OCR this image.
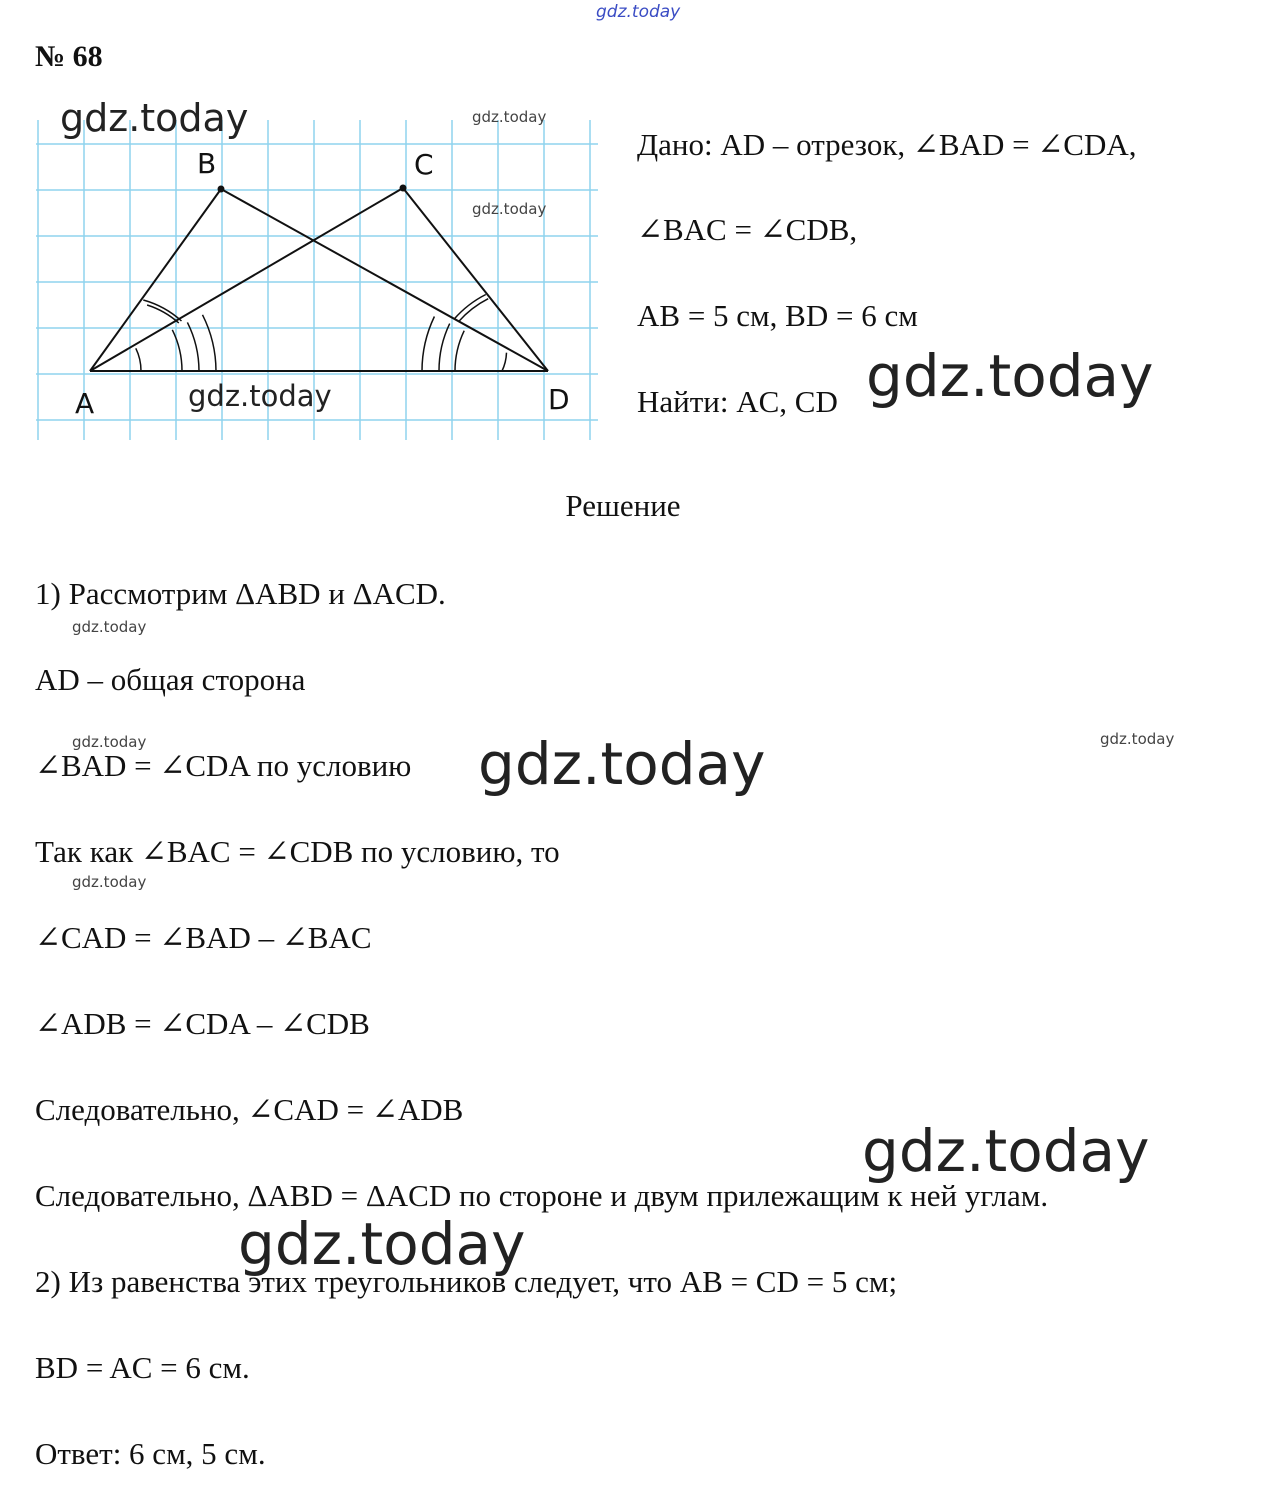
gdz.today
№ 68
A
B	C
D
gdz.today	gdz.today
gdz.today
gdz.today
Дано: AD – отрезок, ∠BAD = ∠CDA,
∠BAC = ∠CDB,
AB = 5 см, BD = 6 см
Найти: AC, CD gdz.today
Решение
1) Рассмотрим ΔABD и ΔACD.
AD – общая сторона
∠BAD = ∠CDA по условию
Так как ∠BAC = ∠CDB по условию, то
∠CAD = ∠BAD – ∠BAC
∠ADB = ∠CDA – ∠CDB
Следовательно, ∠CAD = ∠ADB
Следовательно, ΔABD = ΔACD по стороне и двум прилежащим к ней углам.
2) Из равенства этих треугольников следует, что AB = CD = 5 см;
BD = AC = 6 см.
Ответ: 6 см, 5 см.
gdz.today
gdz.today
gdz.today
gdz.today
gdz.today
gdz.today
gdz.today
